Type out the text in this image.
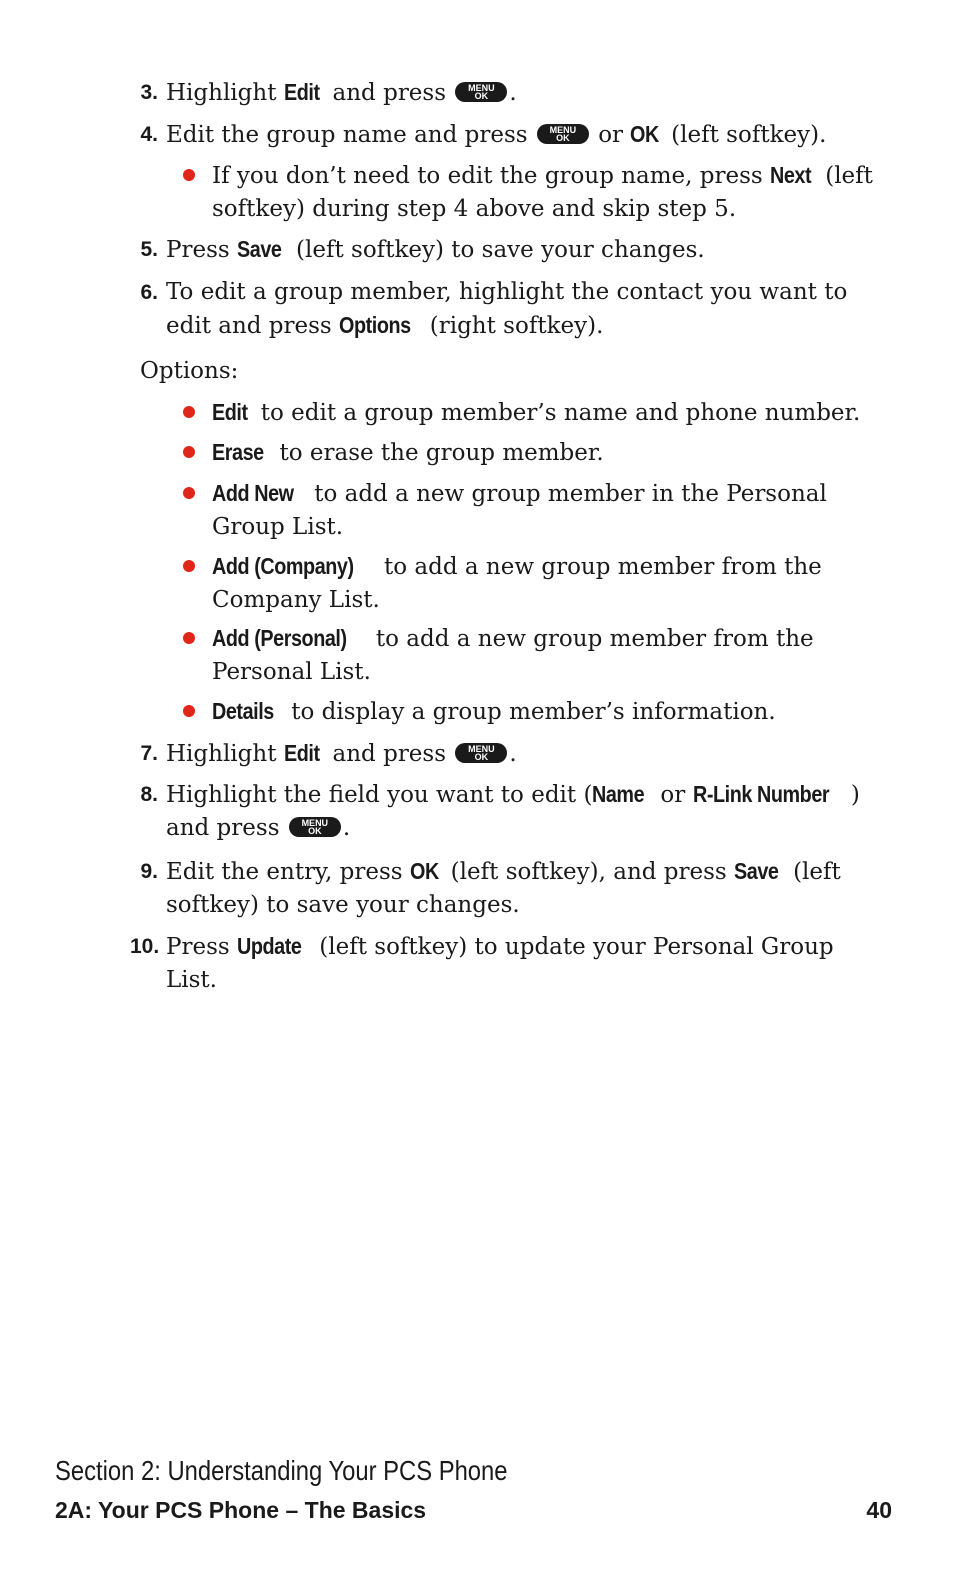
3. Highlight Edit and press	MENU
OK .
4. Edit the group name and press	MENU
OK or OK (left softkey).
If you don’t need to edit the group name, press Next (left softkey) during step 4 above and skip step 5.
5. Press Save (left softkey) to save your changes.
6. To edit a group member, highlight the contact you want to edit and press Options (right softkey).
Options:
Edit to edit a group member’s name and phone number.
Erase to erase the group member.
Add New to add a new group member in the Personal Group List.
Add (Company) to add a new group member from the Company List.
Add (Personal) to add a new group member from the Personal List.
Details to display a group member’s information.
7. Highlight Edit and press	MENU
OK .
8. Highlight the field you want to edit (Name or R-Link Number ) and press	MENU
OK .
9. Edit the entry, press OK (left softkey), and press Save (left softkey) to save your changes.
10. Press Update (left softkey) to update your Personal Group List.
Section 2: Understanding Your PCS Phone
2A: Your PCS Phone – The Basics	40
